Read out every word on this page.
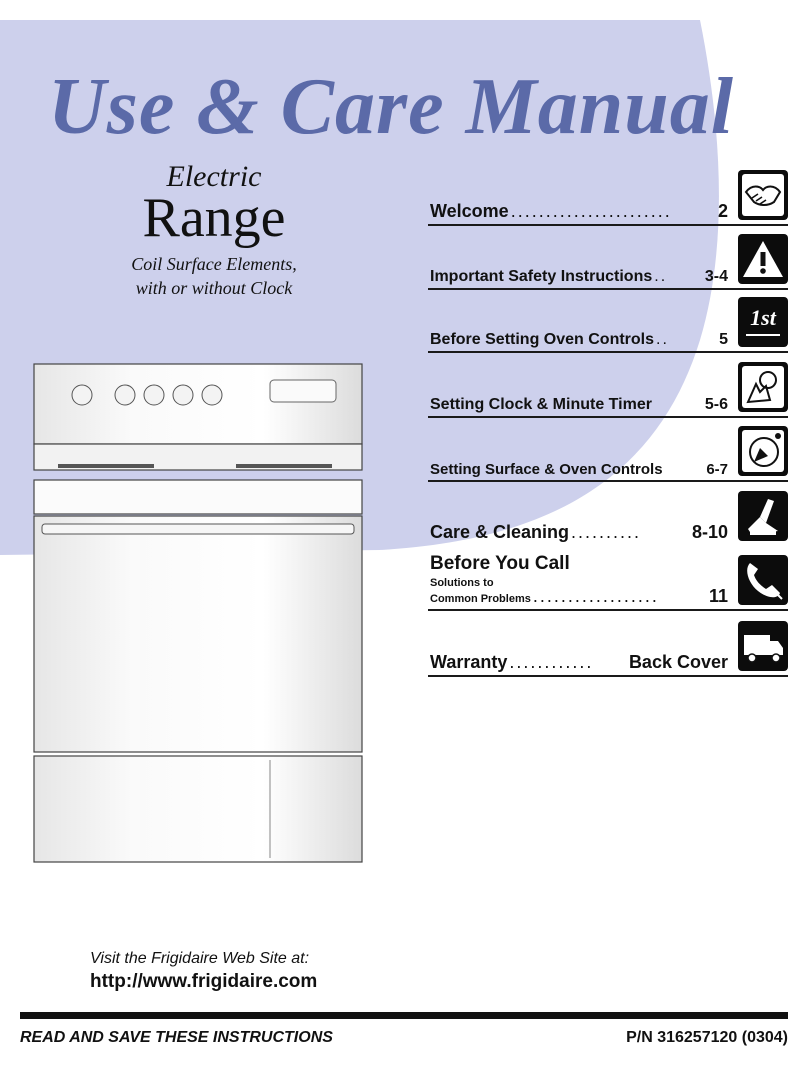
Use & Care Manual
Electric
Range
Coil Surface Elements,
with or without Clock
Welcome .......................	2
Important Safety Instructions ..	3-4
Before Setting Oven Controls ..	5
1st
Setting Clock & Minute Timer	5-6
Setting Surface & Oven Controls	6-7
Care & Cleaning ..........	8-10
Before You Call
Solutions to
Common Problems ..................	11
Warranty ............	Back Cover
Visit the Frigidaire Web Site at:
http://www.frigidaire.com
READ AND SAVE THESE INSTRUCTIONS	P/N 316257120 (0304)
